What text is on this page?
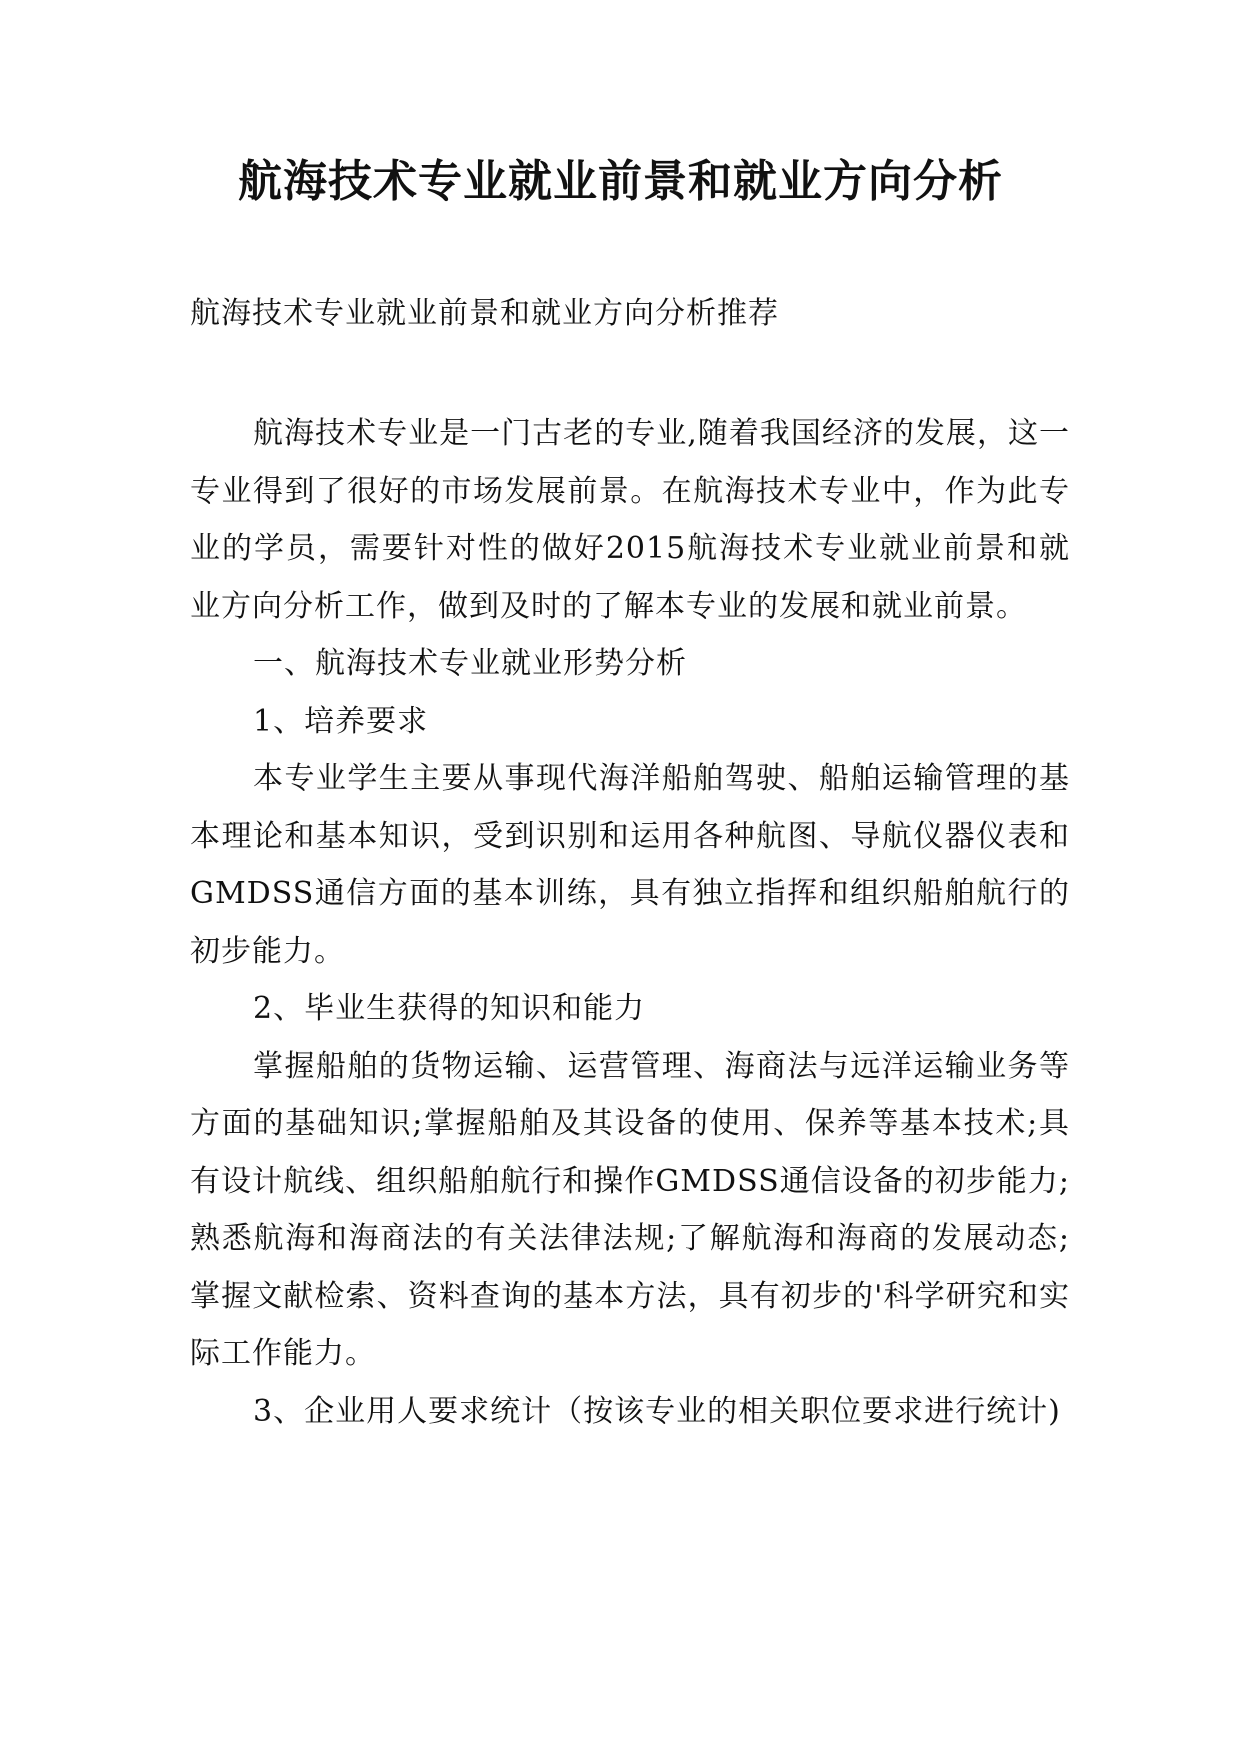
航海技术专业就业前景和就业方向分析

航海技术专业就业前景和就业方向分析推荐

航海技术专业是一门古老的专业,随着我国经济的发展，这一专业得到了很好的市场发展前景。在航海技术专业中，作为此专业的学员，需要针对性的做好2015航海技术专业就业前景和就业方向分析工作，做到及时的了解本专业的发展和就业前景。

一、航海技术专业就业形势分析

1、培养要求

本专业学生主要从事现代海洋船舶驾驶、船舶运输管理的基本理论和基本知识，受到识别和运用各种航图、导航仪器仪表和GMDSS通信方面的基本训练，具有独立指挥和组织船舶航行的初步能力。

2、毕业生获得的知识和能力

掌握船舶的货物运输、运营管理、海商法与远洋运输业务等方面的基础知识;掌握船舶及其设备的使用、保养等基本技术;具有设计航线、组织船舶航行和操作GMDSS通信设备的初步能力;熟悉航海和海商法的有关法律法规;了解航海和海商的发展动态;掌握文献检索、资料查询的基本方法，具有初步的'科学研究和实际工作能力。

3、企业用人要求统计（按该专业的相关职位要求进行统计)
